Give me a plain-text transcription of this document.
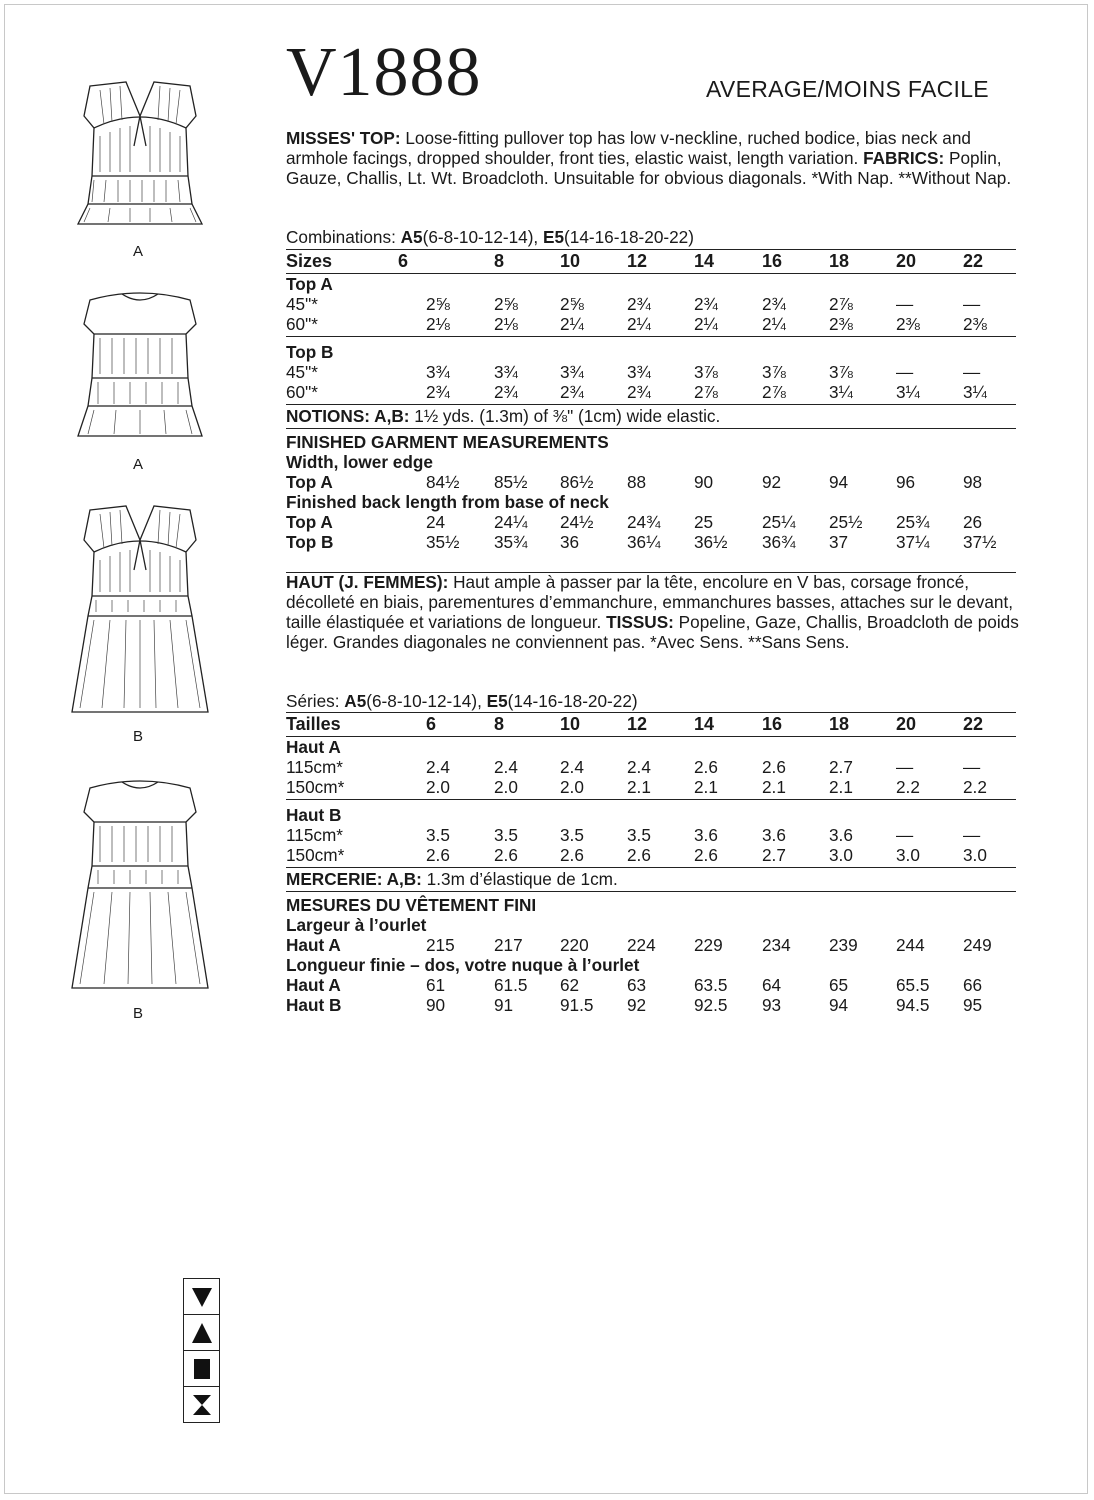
V1888	AVERAGE/MOINS FACILE

MISSES' TOP: Loose-fitting pullover top has low v-neckline, ruched bodice, bias neck and armhole facings, dropped shoulder, front ties, elastic waist, length variation. FABRICS: Poplin, Gauze, Challis, Lt. Wt. Broadcloth. Unsuitable for obvious diagonals. *With Nap. **Without Nap.

Combinations: A5(6-8-10-12-14), E5(14-16-18-20-22)
Sizes	6	8	10	12	14	16	18	20	22
Top A
45"*	2⅝	2⅝	2⅝	2¾	2¾	2¾	2⅞	—	—
60"*	2⅛	2⅛	2¼	2¼	2¼	2¼	2⅜	2⅜	2⅜
Top B
45"*	3¾	3¾	3¾	3¾	3⅞	3⅞	3⅞	—	—
60"*	2¾	2¾	2¾	2¾	2⅞	2⅞	3¼	3¼	3¼
NOTIONS: A,B: 1½ yds. (1.3m) of ⅜" (1cm) wide elastic.
FINISHED GARMENT MEASUREMENTS
Width, lower edge
Top A	84½	85½	86½	88	90	92	94	96	98
Finished back length from base of neck
Top A	24	24¼	24½	24¾	25	25¼	25½	25¾	26
Top B	35½	35¾	36	36¼	36½	36¾	37	37¼	37½

HAUT (J. FEMMES): Haut ample à passer par la tête, encolure en V bas, corsage froncé, décolleté en biais, parementures d’emmanchure, emmanchures basses, attaches sur le devant, taille élastiquée et variations de longueur. TISSUS: Popeline, Gaze, Challis, Broadcloth de poids léger. Grandes diagonales ne conviennent pas. *Avec Sens. **Sans Sens.

Séries: A5(6-8-10-12-14), E5(14-16-18-20-22)
Tailles	6	8	10	12	14	16	18	20	22
Haut A
115cm*	2.4	2.4	2.4	2.4	2.6	2.6	2.7	—	—
150cm*	2.0	2.0	2.0	2.1	2.1	2.1	2.1	2.2	2.2
Haut B
115cm*	3.5	3.5	3.5	3.5	3.6	3.6	3.6	—	—
150cm*	2.6	2.6	2.6	2.6	2.6	2.7	3.0	3.0	3.0
MERCERIE: A,B: 1.3m d’élastique de 1cm.
MESURES DU VÊTEMENT FINI
Largeur à l’ourlet
Haut A	215	217	220	224	229	234	239	244	249
Longueur finie – dos, votre nuque à l’ourlet
Haut A	61	61.5	62	63	63.5	64	65	65.5	66
Haut B	90	91	91.5	92	92.5	93	94	94.5	95
A
A
B
B
